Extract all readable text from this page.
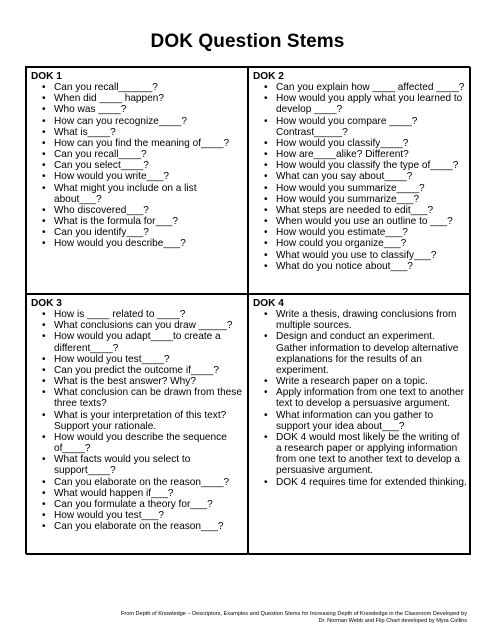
DOK Question Stems
DOK 1
• Can you recall______?
• When did ____ happen?
• Who was ____?
• How can you recognize____?
• What is____?
• How can you find the meaning of____?
• Can you recall____?
• Can you select____?
• How would you write___?
• What might you include on a list about___?
• Who discovered___?
• What is the formula for___?
• Can you identify___?
• How would you describe___?
DOK 2
• Can you explain how ____ affected ____?
• How would you apply what you learned to develop ____?
• How would you compare ____? Contrast_____?
• How would you classify____?
• How are____alike? Different?
• How would you classify the type of____?
• What can you say about____?
• How would you summarize____?
• How would you summarize___?
• What steps are needed to edit___?
• When would you use an outline to ___?
• How would you estimate___?
• How could you organize___?
• What would you use to classify___?
• What do you notice about___?
DOK 3
• How is ____ related to ____?
• What conclusions can you draw _____?
• How would you adapt____to create a different____?
• How would you test____?
• Can you predict the outcome if____?
• What is the best answer? Why?
• What conclusion can be drawn from these three texts?
• What is your interpretation of this text? Support your rationale.
• How would you describe the sequence of____?
• What facts would you select to support____?
• Can you elaborate on the reason____?
• What would happen if___?
• Can you formulate a theory for___?
• How would you test___?
• Can you elaborate on the reason___?
DOK 4
• Write a thesis, drawing conclusions from multiple sources.
• Design and conduct an experiment. Gather information to develop alternative explanations for the results of an experiment.
• Write a research paper on a topic.
• Apply information from one text to another text to develop a persuasive argument.
• What information can you gather to support your idea about___?
• DOK 4 would most likely be the writing of a research paper or applying information from one text to another text to develop a persuasive argument.
• DOK 4 requires time for extended thinking.
From Depth of Knowledge – Descriptors, Examples and Question Stems for Increasing Depth of Knowledge in the Classroom Developed by
Dr. Norman Webb and Flip Chart developed by Myra Collins
